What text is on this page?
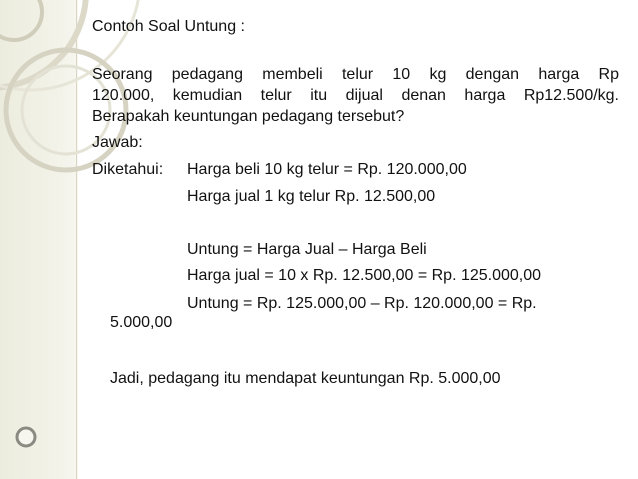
Contoh Soal Untung :
Seorang pedagang membeli telur 10 kg dengan harga Rp
120.000, kemudian telur itu dijual denan harga Rp12.500/kg.
Berapakah keuntungan pedagang tersebut?
Jawab:
Diketahui: Harga beli 10 kg telur = Rp. 120.000,00
Harga jual 1 kg telur Rp. 12.500,00
Untung = Harga Jual – Harga Beli
Harga jual = 10 x Rp. 12.500,00 = Rp. 125.000,00
Untung = Rp. 125.000,00 – Rp. 120.000,00 = Rp.
5.000,00
Jadi, pedagang itu mendapat keuntungan Rp. 5.000,00
